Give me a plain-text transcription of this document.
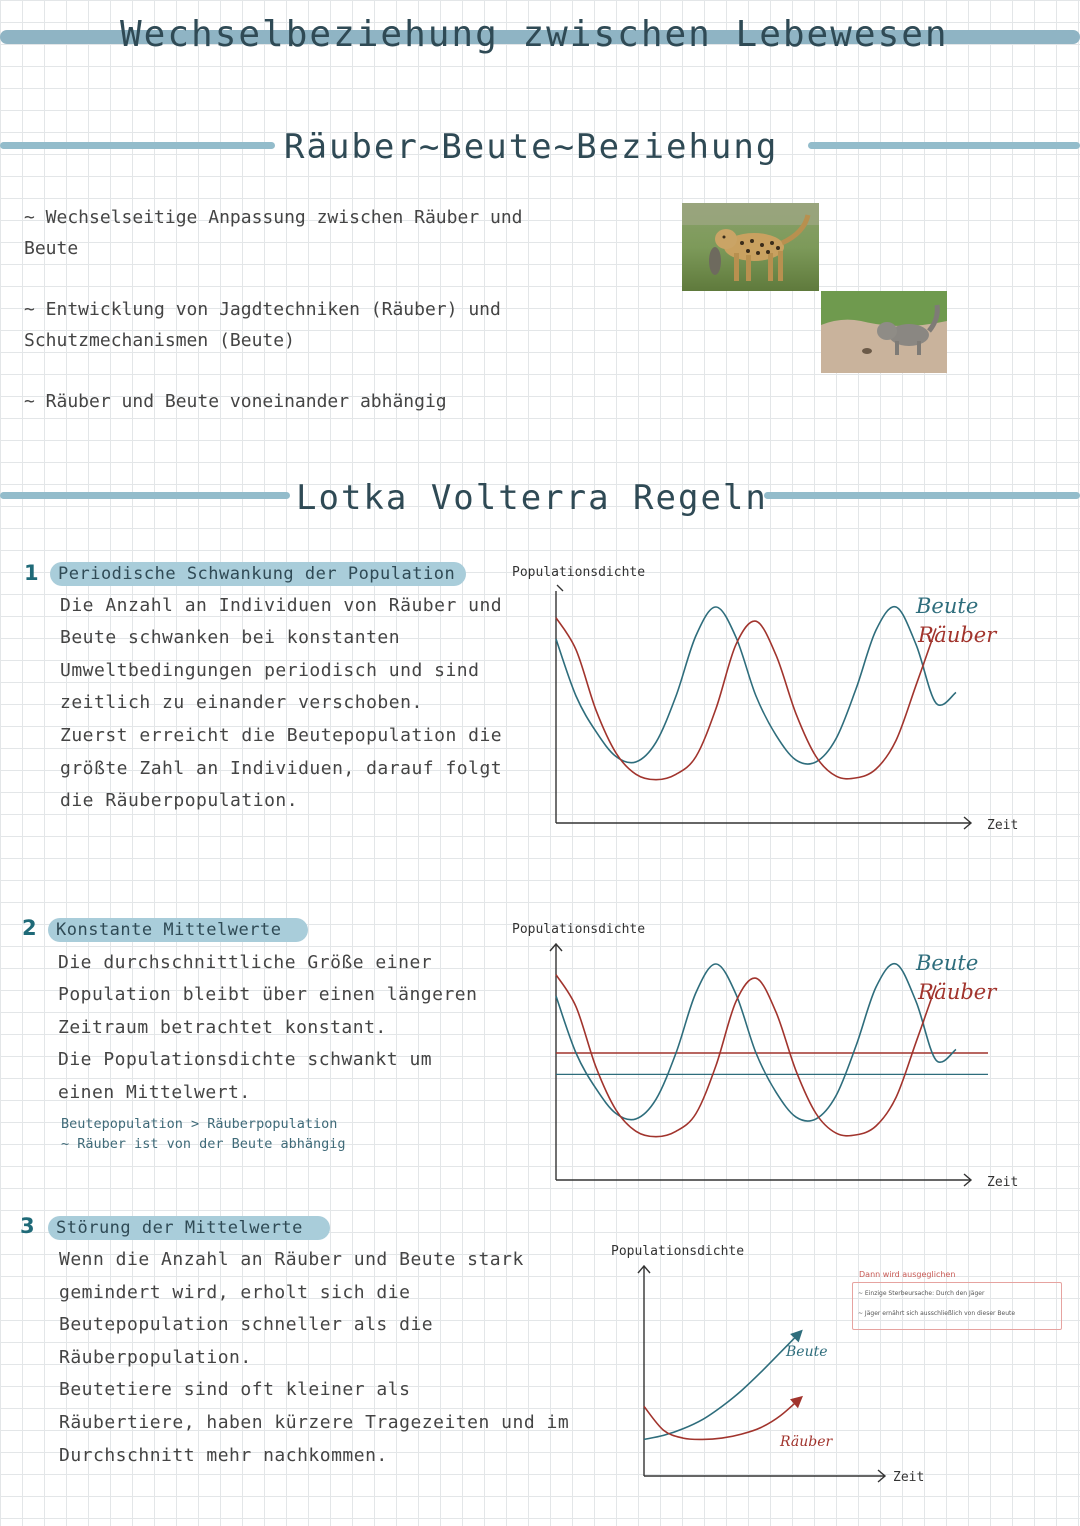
Wechselbeziehung zwischen Lebewesen
Räuber~Beute~Beziehung
~ Wechselseitige Anpassung zwischen Räuber und
Beute
~ Entwicklung von Jagdtechniken (Räuber) und
Schutzmechanismen (Beute)
~ Räuber und Beute voneinander abhängig
Lotka Volterra Regeln
1	Periodische Schwankung der Population
Die Anzahl an Individuen von Räuber und
Beute schwanken bei konstanten
Umweltbedingungen periodisch und sind
zeitlich zu einander verschoben.
Zuerst erreicht die Beutepopulation die
größte Zahl an Individuen, darauf folgt
die Räuberpopulation.
Populationsdichte
Zeit
Beute
Räuber
2	Konstante Mittelwerte
Die durchschnittliche Größe einer
Population bleibt über einen längeren
Zeitraum betrachtet konstant.
Die Populationsdichte schwankt um
einen Mittelwert.
Beutepopulation > Räuberpopulation
~ Räuber ist von der Beute abhängig
Populationsdichte
Zeit
Beute
Räuber
3	Störung der Mittelwerte
Wenn die Anzahl an Räuber und Beute stark
gemindert wird, erholt sich die
Beutepopulation schneller als die
Räuberpopulation.
Beutetiere sind oft kleiner als
Räubertiere, haben kürzere Tragezeiten und im
Durchschnitt mehr nachkommen.
Populationsdichte
Zeit
Beute
Räuber
Dann wird ausgeglichen
~ Einzige Sterbeursache: Durch den Jäger
~ Jäger ernährt sich ausschließlich von dieser Beute
